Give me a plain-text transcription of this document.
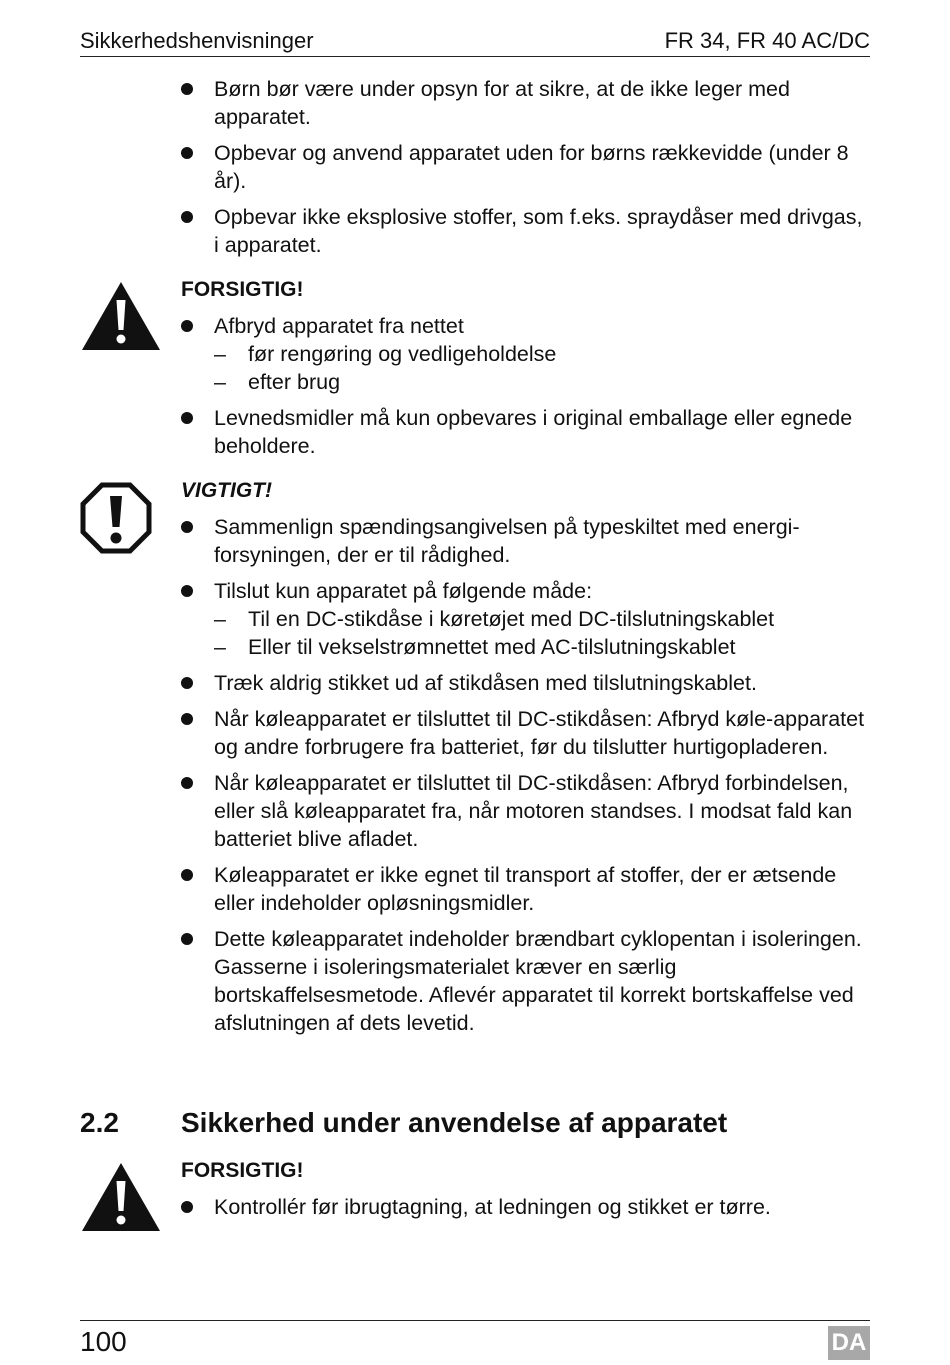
Sikkerhedshenvisninger	FR 34, FR 40 AC/DC
Børn bør være under opsyn for at sikre, at de ikke leger med apparatet.
Opbevar og anvend apparatet uden for børns rækkevidde (under 8 år).
Opbevar ikke eksplosive stoffer, som f.eks. spraydåser med drivgas, i apparatet.
FORSIGTIG!
Afbryd apparatet fra nettet
– før rengøring og vedligeholdelse
– efter brug
Levnedsmidler må kun opbevares i original emballage eller egnede beholdere.
VIGTIGT!
Sammenlign spændingsangivelsen på typeskiltet med energi-forsyningen, der er til rådighed.
Tilslut kun apparatet på følgende måde:
– Til en DC-stikdåse i køretøjet med DC-tilslutningskablet
– Eller til vekselstrømnettet med AC-tilslutningskablet
Træk aldrig stikket ud af stikdåsen med tilslutningskablet.
Når køleapparatet er tilsluttet til DC-stikdåsen: Afbryd køle-apparatet og andre forbrugere fra batteriet, før du tilslutter hurtigopladeren.
Når køleapparatet er tilsluttet til DC-stikdåsen: Afbryd forbindelsen, eller slå køleapparatet fra, når motoren standses. I modsat fald kan batteriet blive afladet.
Køleapparatet er ikke egnet til transport af stoffer, der er ætsende eller indeholder opløsningsmidler.
Dette køleapparatet indeholder brændbart cyklopentan i isoleringen. Gasserne i isoleringsmaterialet kræver en særlig bortskaffelsesmetode. Aflevér apparatet til korrekt bortskaffelse ved afslutningen af dets levetid.
2.2 Sikkerhed under anvendelse af apparatet
FORSIGTIG!
Kontrollér før ibrugtagning, at ledningen og stikket er tørre.
100	DA
